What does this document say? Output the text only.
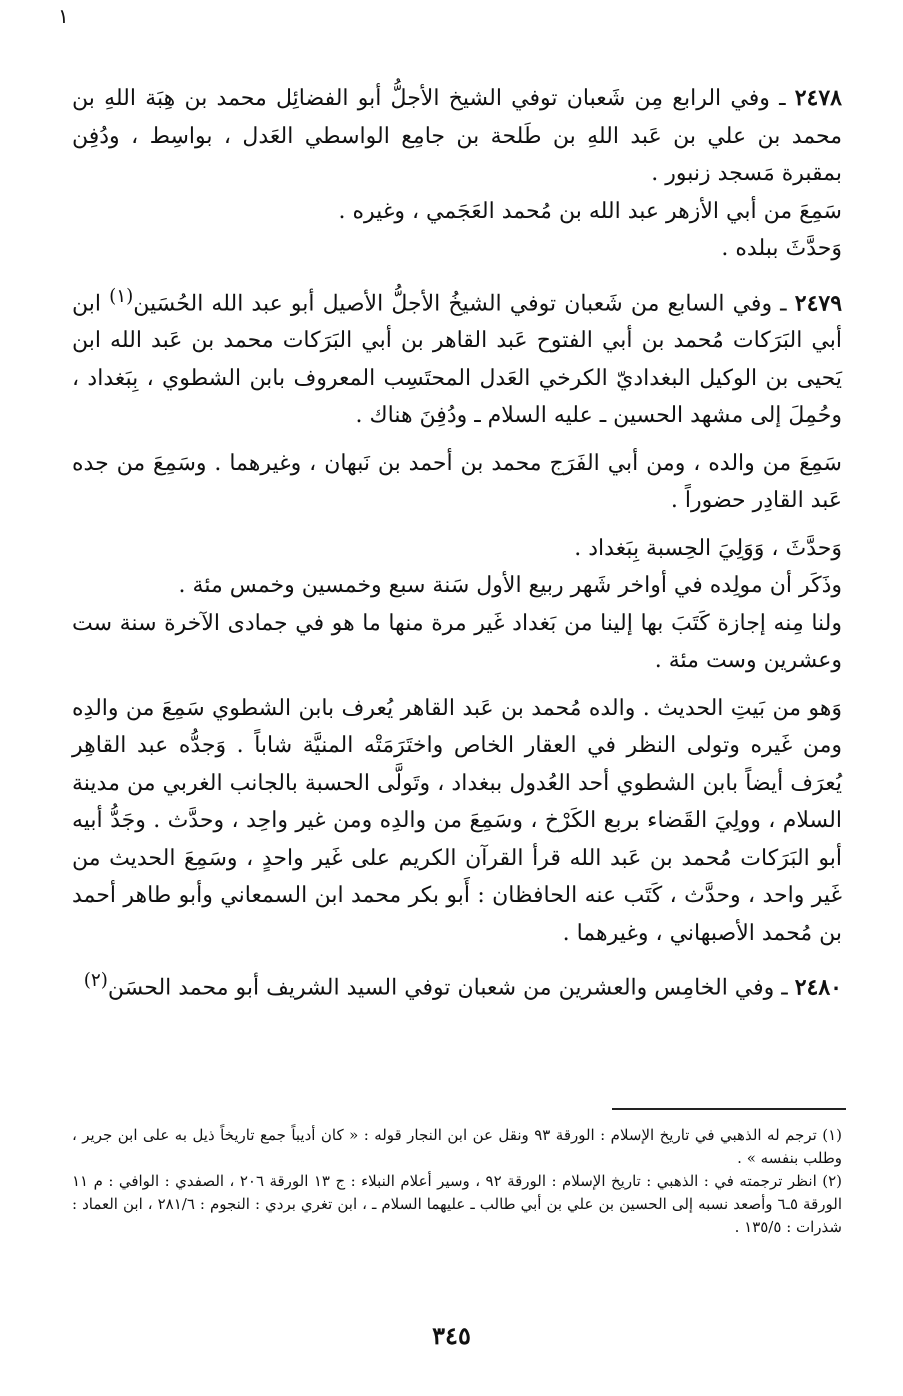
١

٢٤٧٨ ـ وفي الرابع مِن شَعبان توفي الشيخ الأجلُّ أبو الفضائِل محمد بن هِبَة اللهِ بن محمد بن علي بن عَبد اللهِ بن طَلحة بن جامِع الواسطي العَدل ، بواسِط ، ودُفِن بمقبرة مَسجد زنبور .

سَمِعَ من أبي الأزهر عبد الله بن مُحمد العَجَمي ، وغيره .

وَحدَّثَ ببلده .

٢٤٧٩ ـ وفي السابع من شَعبان توفي الشيخُ الأجلُّ الأصيل أبو عبد الله الحُسَين$^{(١)}$ ابن أبي البَرَكات مُحمد بن أبي الفتوح عَبد القاهر بن أبي البَرَكات محمد بن عَبد الله ابن يَحيى بن الوكيل البغداديّ الكرخي العَدل المحتَسِب المعروف بابن الشطوي ، بِبَغداد ، وحُمِلَ إلى مشهد الحسين ـ عليه السلام ـ ودُفِنَ هناك .

سَمِعَ من والده ، ومن أبي الفَرَج محمد بن أحمد بن نَبهان ، وغيرهما . وسَمِعَ من جده عَبد القادِر حضوراً .

وَحدَّثَ ، وَوَلِيَ الحِسبة بِبَغداد .

وذَكَر أن مولِده في أواخر شَهر ربيع الأول سَنة سبع وخمسين وخمس مئة .

ولنا مِنه إجازة كَتَبَ بها إلينا من بَغداد غَير مرة منها ما هو في جمادى الآخرة سنة ست وعشرين وست مئة .

وَهو من بَيتِ الحديث . والده مُحمد بن عَبد القاهر يُعرف بابن الشطوي سَمِعَ من والدِه ومن غَيره وتولى النظر في العقار الخاص واختَرَمَتْه المنيَّة شاباً . وَجدُّه عبد القاهِر يُعرَف أيضاً بابن الشطوي أحد العُدول ببغداد ، وتَولَّى الحسبة بالجانب الغربي من مدينة السلام ، وولِيَ القَضاء بربع الكَرْخ ، وسَمِعَ من والدِه ومن غير واحِد ، وحدَّث . وجَدُّ أبيه أبو البَرَكات مُحمد بن عَبد الله قرأ القرآن الكريم على غَير واحدٍ ، وسَمِعَ الحديث من غَير واحد ، وحدَّث ، كَتَب عنه الحافظان : أَبو بكر محمد ابن السمعاني وأبو طاهر أحمد بن مُحمد الأصبهاني ، وغيرهما .

٢٤٨٠ ـ وفي الخامِس والعشرين من شعبان توفي السيد الشريف أبو محمد الحسَن$^{(٢)}$

(١) ترجم له الذهبي في تاريخ الإسلام : الورقة ٩٣ ونقل عن ابن النجار قوله : « كان أديباً جمع تاريخاً ذيل به على ابن جرير ، وطلب بنفسه » .

(٢) انظر ترجمته في : الذهبي : تاريخ الإسلام : الورقة ٩٢ ، وسير أعلام النبلاء : ج ١٣ الورقة ٢٠٦ ، الصفدي : الوافي : م ١١ الورقة ٥ـ٦ وأصعد نسبه إلى الحسين بن علي بن أبي طالب ـ عليهما السلام ـ ، ابن تغري بردي : النجوم : ٢٨١/٦ ، ابن العماد : شذرات : ١٣٥/٥ .

٣٤٥
